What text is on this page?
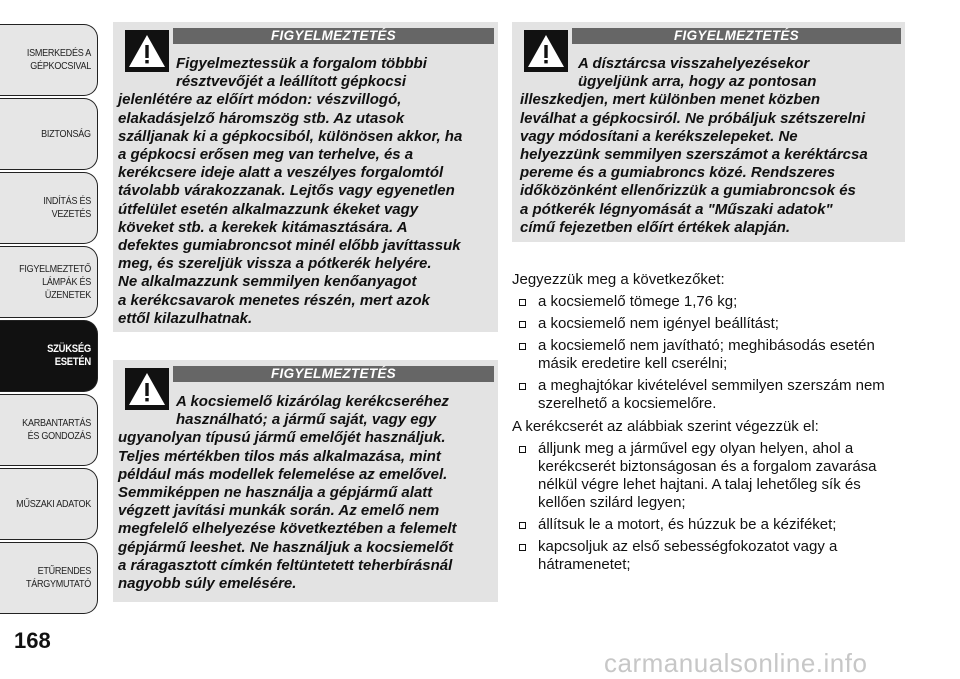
ISMERKEDÉS A GÉPKOCSIVAL
BIZTONSÁG
INDÍTÁS ÉS VEZETÉS
FIGYELMEZTETŐ LÁMPÁK ÉS ÜZENETEK
SZÜKSÉG ESETÉN
KARBANTARTÁS ÉS GONDOZÁS
MŰSZAKI ADATOK
ETŰRENDES TÁRGYMUTATÓ
168
FIGYELMEZTETÉS

Figyelmeztessük a forgalom többbi

résztvevőjét a leállított gépkocsi

jelenlétére az előírt módon: vészvillogó,

elakadásjelző háromszög stb. Az utasok

szálljanak ki a gépkocsiból, különösen akkor, ha

a gépkocsi erősen meg van terhelve, és a

kerékcsere ideje alatt a veszélyes forgalomtól

távolabb várakozzanak. Lejtős vagy egyenetlen

útfelület esetén alkalmazzunk ékeket vagy

köveket stb. a kerekek kitámasztására. A

defektes gumiabroncsot minél előbb javíttassuk

meg, és szereljük vissza a pótkerék helyére.

Ne alkalmazzunk semmilyen kenőanyagot

a kerékcsavarok menetes részén, mert azok

ettől kilazulhatnak.

FIGYELMEZTETÉS

A kocsiemelő kizárólag kerékcseréhez

használható; a jármű saját, vagy egy

ugyanolyan típusú jármű emelőjét használjuk.

Teljes mértékben tilos más alkalmazása, mint

például más modellek felemelése az emelővel.

Semmiképpen ne használja a gépjármű alatt

végzett javítási munkák során. Az emelő nem

megfelelő elhelyezése következtében a felemelt

gépjármű leeshet. Ne használjuk a kocsiemelőt

a ráragasztott címkén feltüntetett teherbírásnál

nagyobb súly emelésére.

FIGYELMEZTETÉS

A dísztárcsa visszahelyezésekor

ügyeljünk arra, hogy az pontosan

illeszkedjen, mert különben menet közben

leválhat a gépkocsiról. Ne próbáljuk szétszerelni

vagy módosítani a kerékszelepeket. Ne

helyezzünk semmilyen szerszámot a keréktárcsa

pereme és a gumiabroncs közé. Rendszeres

időközönként ellenőrizzük a gumiabroncsok és

a pótkerék légnyomását a "Műszaki adatok"

című fejezetben előírt értékek alapján.

Jegyezzük meg a következőket:

a kocsiemelő tömege 1,76 kg;
a kocsiemelő nem igényel beállítást;
a kocsiemelő nem javítható; meghibásodás esetén másik eredetire kell cserélni;
a meghajtókar kivételével semmilyen szerszám nem szerelhető a kocsiemelőre.

A kerékcserét az alábbiak szerint végezzük el:

álljunk meg a járművel egy olyan helyen, ahol a kerékcserét biztonságosan és a forgalom zavarása nélkül végre lehet hajtani. A talaj lehetőleg sík és kellően szilárd legyen;
állítsuk le a motort, és húzzuk be a kéziféket;
kapcsoljuk az első sebességfokozatot vagy a hátramenetet;
carmanualsonline.info
